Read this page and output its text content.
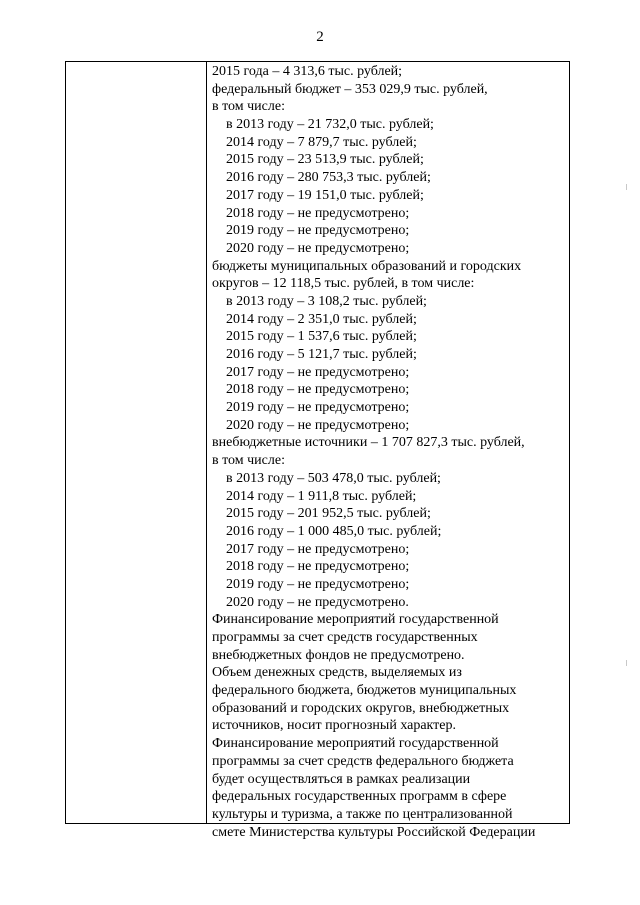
2
2015 года – 4 313,6 тыс. рублей;
федеральный бюджет – 353 029,9 тыс. рублей,
в том числе:
в 2013 году – 21 732,0 тыс. рублей;
2014 году – 7 879,7 тыс. рублей;
2015 году – 23 513,9 тыс. рублей;
2016 году – 280 753,3 тыс. рублей;
2017 году – 19 151,0 тыс. рублей;
2018 году – не предусмотрено;
2019 году – не предусмотрено;
2020 году – не предусмотрено;
бюджеты муниципальных образований и городских
округов – 12 118,5 тыс. рублей, в том числе:
в 2013 году – 3 108,2 тыс. рублей;
2014 году – 2 351,0 тыс. рублей;
2015 году – 1 537,6 тыс. рублей;
2016 году – 5 121,7 тыс. рублей;
2017 году – не предусмотрено;
2018 году – не предусмотрено;
2019 году – не предусмотрено;
2020 году – не предусмотрено;
внебюджетные источники – 1 707 827,3 тыс. рублей,
в том числе:
в 2013 году – 503 478,0 тыс. рублей;
2014 году – 1 911,8 тыс. рублей;
2015 году – 201 952,5 тыс. рублей;
2016 году – 1 000 485,0 тыс. рублей;
2017 году – не предусмотрено;
2018 году – не предусмотрено;
2019 году – не предусмотрено;
2020 году – не предусмотрено.
Финансирование мероприятий государственной
программы за счет средств государственных
внебюджетных фондов не предусмотрено.
Объем денежных средств, выделяемых из
федерального бюджета, бюджетов муниципальных
образований и городских округов, внебюджетных
источников, носит прогнозный характер.
Финансирование мероприятий государственной
программы за счет средств федерального бюджета
будет осуществляться в рамках реализации
федеральных государственных программ в сфере
культуры и туризма, а также по централизованной
смете Министерства культуры Российской Федерации
